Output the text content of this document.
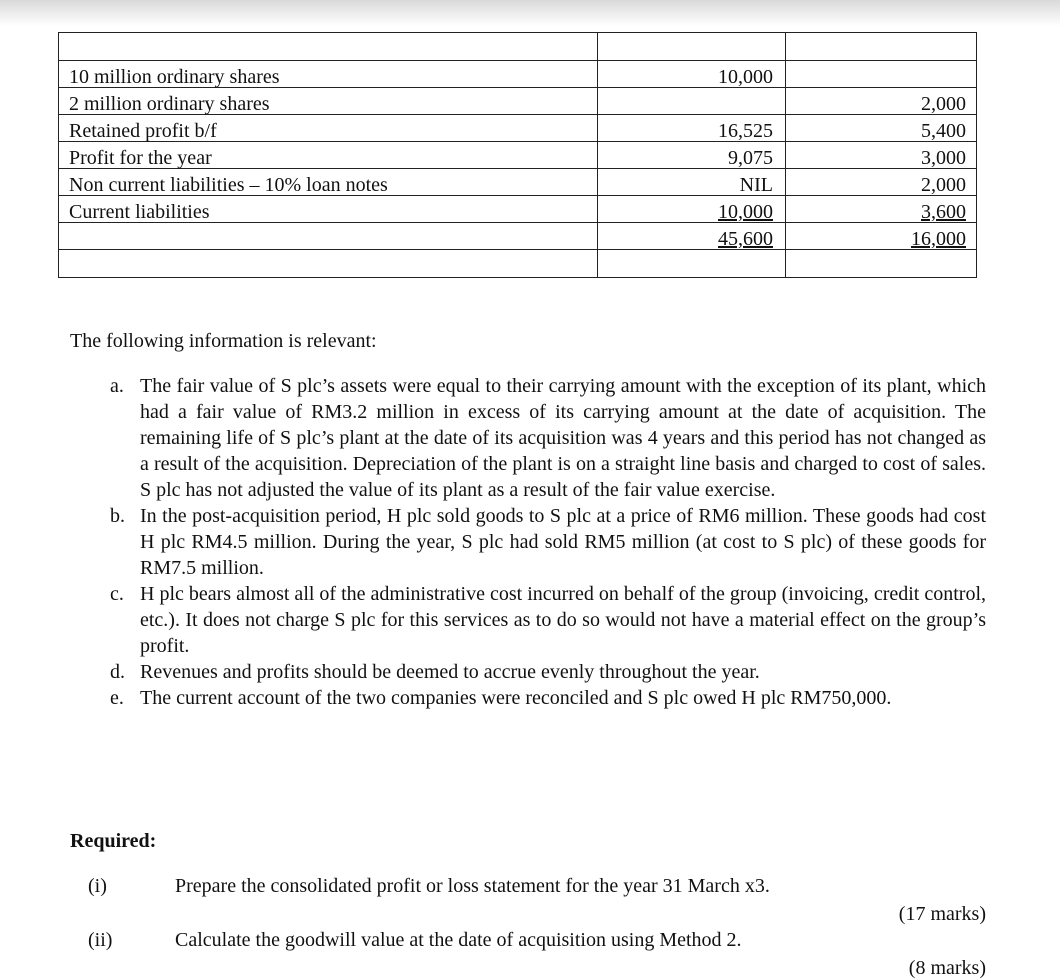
10 million ordinary shares	10,000	
2 million ordinary shares		2,000
Retained profit b/f	16,525	5,400
Profit for the year	9,075	3,000
Non current liabilities – 10% loan notes	NIL	2,000
Current liabilities	10,000	3,600
	45,600	16,000

The following information is relevant:
a. The fair value of S plc’s assets were equal to their carrying amount with the exception of its plant, which had a fair value of RM3.2 million in excess of its carrying amount at the date of acquisition. The remaining life of S plc’s plant at the date of its acquisition was 4 years and this period has not changed as a result of the acquisition. Depreciation of the plant is on a straight line basis and charged to cost of sales. S plc has not adjusted the value of its plant as a result of the fair value exercise.
b. In the post-acquisition period, H plc sold goods to S plc at a price of RM6 million. These goods had cost H plc RM4.5 million. During the year, S plc had sold RM5 million (at cost to S plc) of these goods for RM7.5 million.
c. H plc bears almost all of the administrative cost incurred on behalf of the group (invoicing, credit control, etc.). It does not charge S plc for this services as to do so would not have a material effect on the group’s profit.
d. Revenues and profits should be deemed to accrue evenly throughout the year.
e. The current account of the two companies were reconciled and S plc owed H plc RM750,000.
Required:
(i)	Prepare the consolidated profit or loss statement for the year 31 March x3.
(17 marks)
(ii)	Calculate the goodwill value at the date of acquisition using Method 2.
(8 marks)
